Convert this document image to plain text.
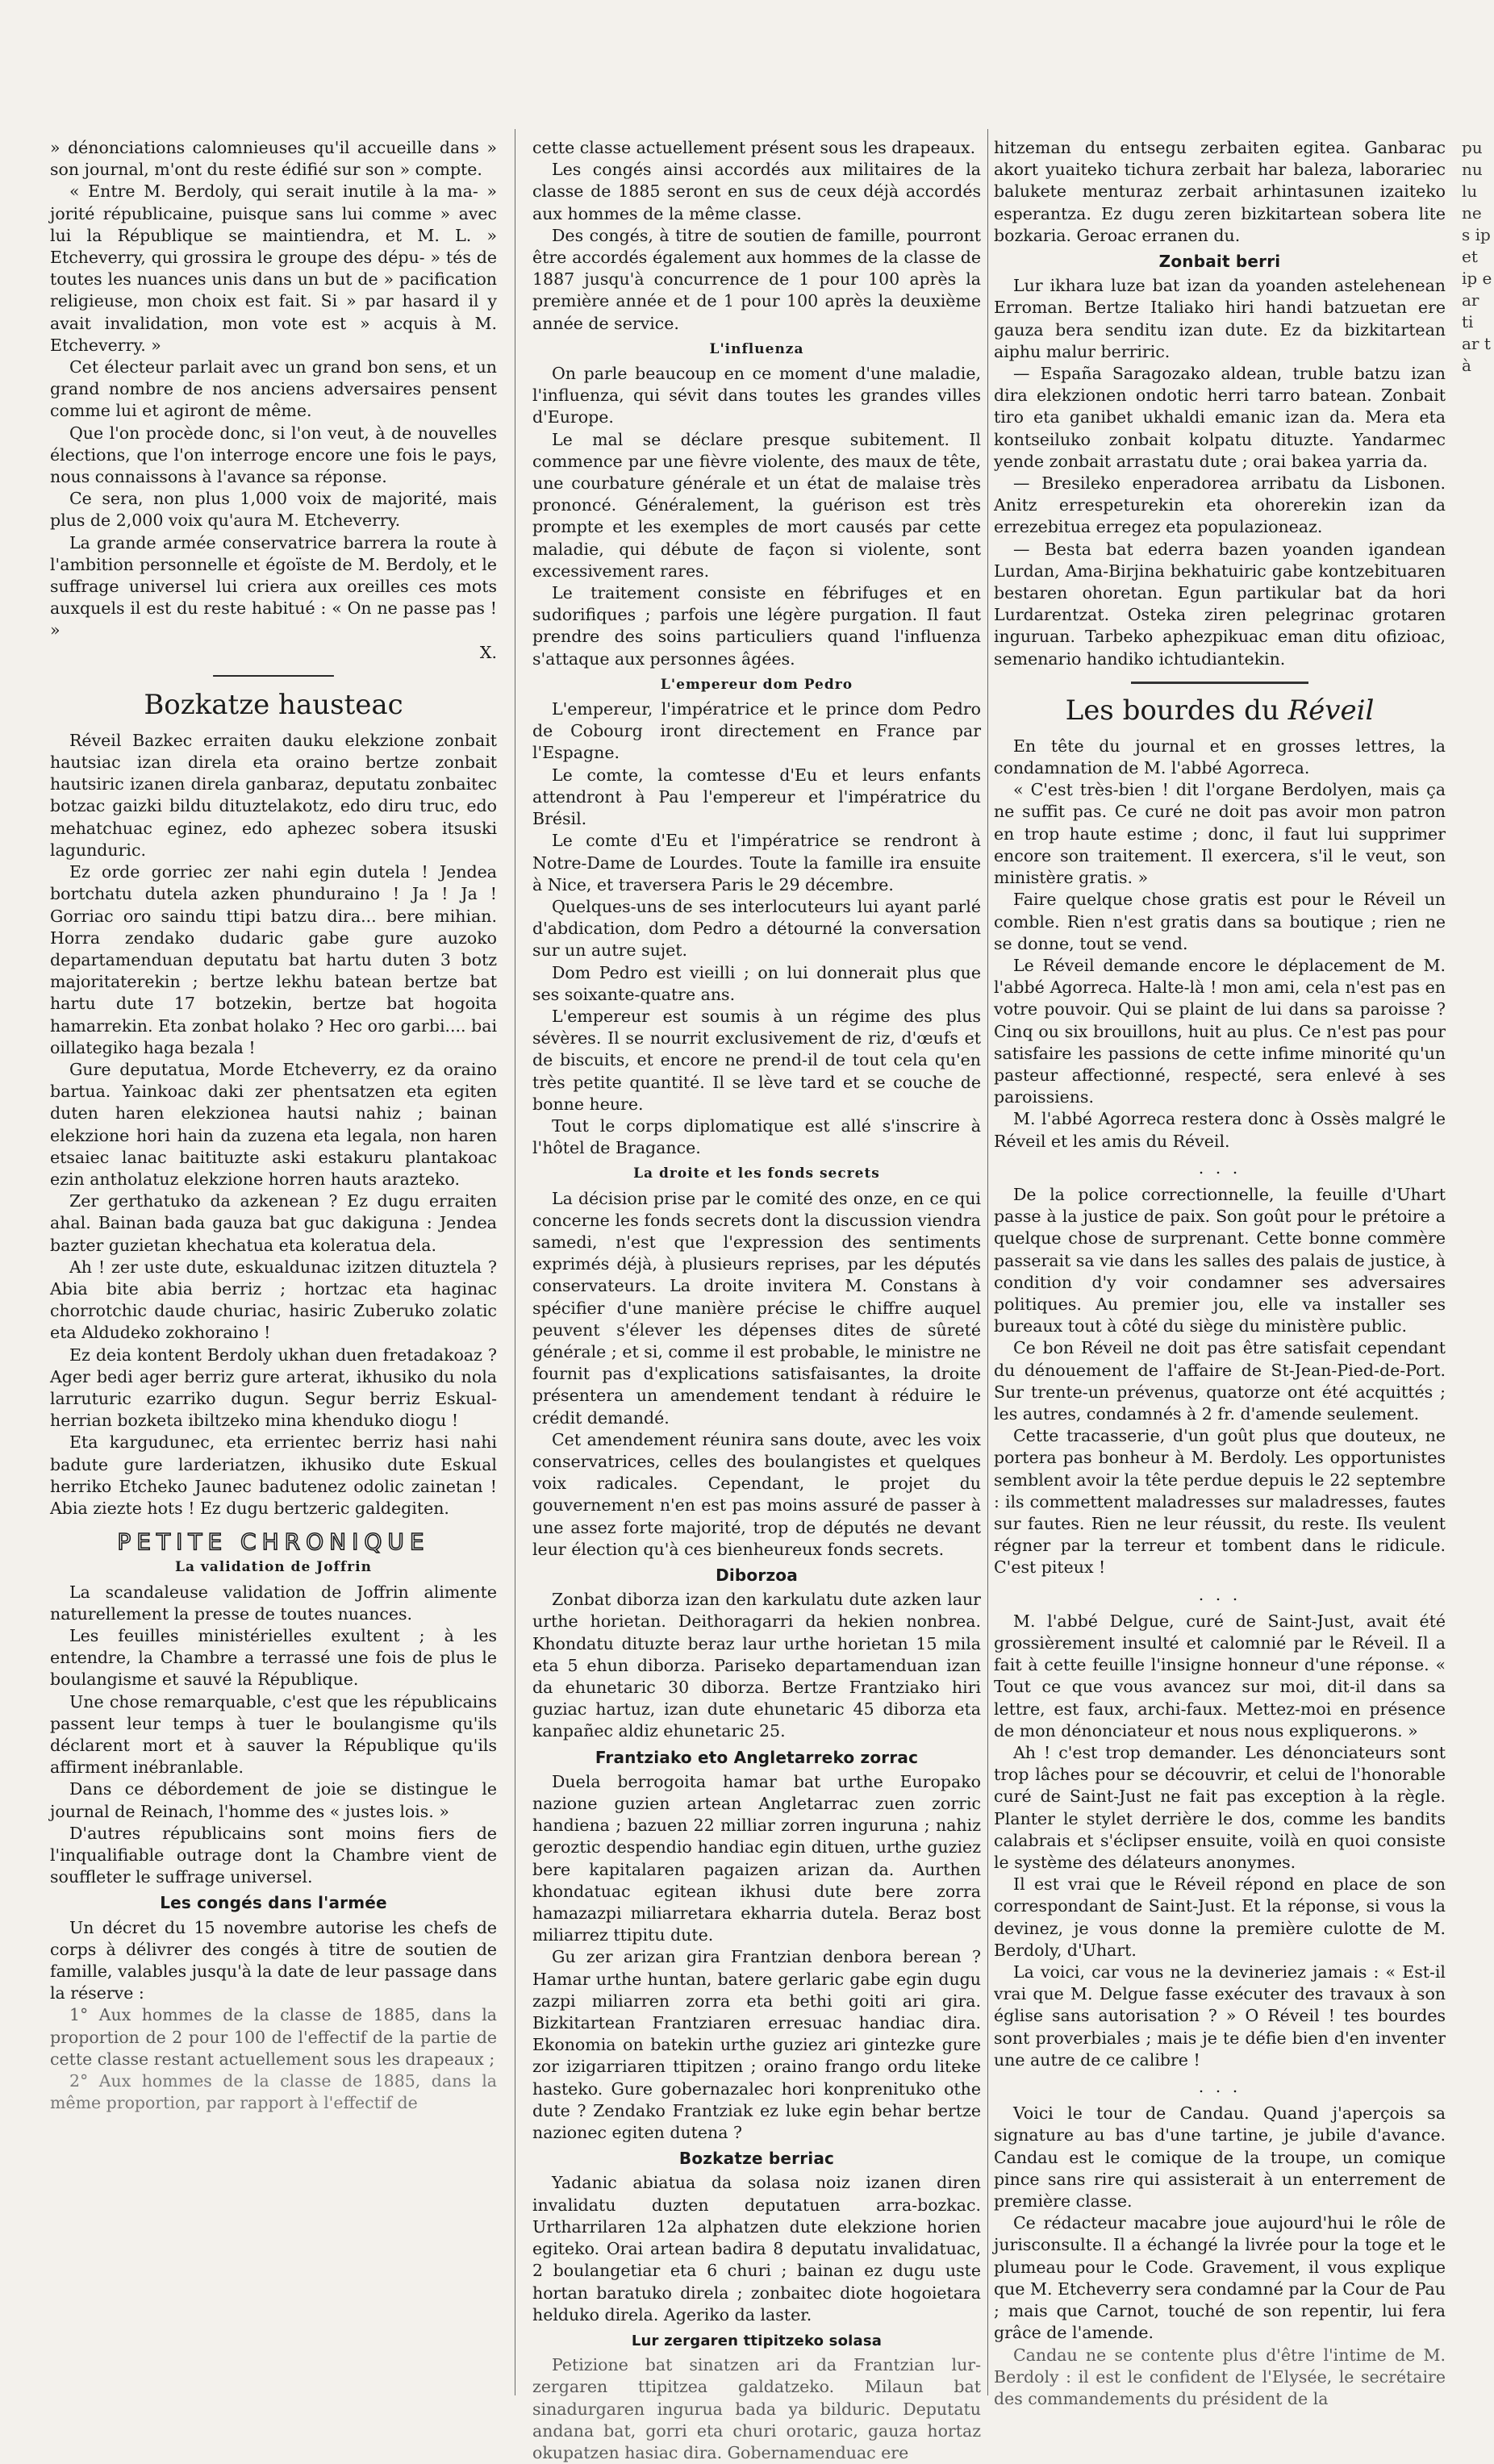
» dénonciations calomnieuses qu'il accueille dans » son journal, m'ont du reste édifié sur son » compte.

« Entre M. Berdoly, qui serait inutile à la ma- » jorité républicaine, puisque sans lui comme » avec lui la République se maintiendra, et M. L. » Etcheverry, qui grossira le groupe des dépu- » tés de toutes les nuances unis dans un but de » pacification religieuse, mon choix est fait. Si » par hasard il y avait invalidation, mon vote est » acquis à M. Etcheverry. »

Cet électeur parlait avec un grand bon sens, et un grand nombre de nos anciens adversaires pensent comme lui et agiront de même.

Que l'on procède donc, si l'on veut, à de nouvelles élections, que l'on interroge encore une fois le pays, nous connaissons à l'avance sa réponse.

Ce sera, non plus 1,000 voix de majorité, mais plus de 2,000 voix qu'aura M. Etcheverry.

La grande armée conservatrice barrera la route à l'ambition personnelle et égoïste de M. Berdoly, et le suffrage universel lui criera aux oreilles ces mots auxquels il est du reste habitué : « On ne passe pas ! »

X.
Bozkatze hausteac

Réveil Bazkec erraiten dauku elekzione zonbait hautsiac izan direla eta oraino bertze zonbait hautsiric izanen direla ganbaraz, deputatu zonbaitec botzac gaizki bildu dituztelakotz, edo diru truc, edo mehatchuac eginez, edo aphezec sobera itsuski lagunduric.

Ez orde gorriec zer nahi egin dutela ! Jendea bortchatu dutela azken phunduraino ! Ja ! Ja ! Gorriac oro saindu ttipi batzu dira... bere mihian. Horra zendako dudaric gabe gure auzoko departamenduan deputatu bat hartu duten 3 botz majoritaterekin ; bertze lekhu batean bertze bat hartu dute 17 botzekin, bertze bat hogoita hamarrekin. Eta zonbat holako ? Hec oro garbi.... bai oillategiko haga bezala !

Gure deputatua, Morde Etcheverry, ez da oraino bartua. Yainkoac daki zer phentsatzen eta egiten duten haren elekzionea hautsi nahiz ; bainan elekzione hori hain da zuzena eta legala, non haren etsaiec lanac baitituzte aski estakuru plantakoac ezin antholatuz elekzione horren hauts arazteko.

Zer gerthatuko da azkenean ? Ez dugu erraiten ahal. Bainan bada gauza bat guc dakiguna : Jendea bazter guzietan khechatua eta koleratua dela.

Ah ! zer uste dute, eskualdunac izitzen dituztela ? Abia bite abia berriz ; hortzac eta haginac chorrotchic daude churiac, hasiric Zuberuko zolatic eta Aldudeko zokhoraino !

Ez deia kontent Berdoly ukhan duen fretadakoaz ? Ager bedi ager berriz gure arterat, ikhusiko du nola larruturic ezarriko dugun. Segur berriz Eskual-herrian bozketa ibiltzeko mina khenduko diogu !

Eta kargudunec, eta errientec berriz hasi nahi badute gure larderiatzen, ikhusiko dute Eskual herriko Etcheko Jaunec badutenez odolic zainetan ! Abia ziezte hots ! Ez dugu bertzeric galdegiten.

PETITE CHRONIQUE
La validation de Joffrin

La scandaleuse validation de Joffrin alimente naturellement la presse de toutes nuances.

Les feuilles ministérielles exultent ; à les entendre, la Chambre a terrassé une fois de plus le boulangisme et sauvé la République.

Une chose remarquable, c'est que les républicains passent leur temps à tuer le boulangisme qu'ils déclarent mort et à sauver la République qu'ils affirment inébranlable.

Dans ce débordement de joie se distingue le journal de Reinach, l'homme des « justes lois. »

D'autres républicains sont moins fiers de l'inqualifiable outrage dont la Chambre vient de souffleter le suffrage universel.

Les congés dans l'armée

Un décret du 15 novembre autorise les chefs de corps à délivrer des congés à titre de soutien de famille, valables jusqu'à la date de leur passage dans la réserve :

1° Aux hommes de la classe de 1885, dans la proportion de 2 pour 100 de l'effectif de la partie de cette classe restant actuellement sous les drapeaux ;

2° Aux hommes de la classe de 1885, dans la même proportion, par rapport à l'effectif de

cette classe actuellement présent sous les drapeaux.

Les congés ainsi accordés aux militaires de la classe de 1885 seront en sus de ceux déjà accordés aux hommes de la même classe.

Des congés, à titre de soutien de famille, pourront être accordés également aux hommes de la classe de 1887 jusqu'à concurrence de 1 pour 100 après la première année et de 1 pour 100 après la deuxième année de service.

L'influenza

On parle beaucoup en ce moment d'une maladie, l'influenza, qui sévit dans toutes les grandes villes d'Europe.

Le mal se déclare presque subitement. Il commence par une fièvre violente, des maux de tête, une courbature générale et un état de malaise très prononcé. Généralement, la guérison est très prompte et les exemples de mort causés par cette maladie, qui débute de façon si violente, sont excessivement rares.

Le traitement consiste en fébrifuges et en sudorifiques ; parfois une légère purgation. Il faut prendre des soins particuliers quand l'influenza s'attaque aux personnes âgées.

L'empereur dom Pedro

L'empereur, l'impératrice et le prince dom Pedro de Cobourg iront directement en France par l'Espagne.

Le comte, la comtesse d'Eu et leurs enfants attendront à Pau l'empereur et l'impératrice du Brésil.

Le comte d'Eu et l'impératrice se rendront à Notre-Dame de Lourdes. Toute la famille ira ensuite à Nice, et traversera Paris le 29 décembre.

Quelques-uns de ses interlocuteurs lui ayant parlé d'abdication, dom Pedro a détourné la conversation sur un autre sujet.

Dom Pedro est vieilli ; on lui donnerait plus que ses soixante-quatre ans.

L'empereur est soumis à un régime des plus sévères. Il se nourrit exclusivement de riz, d'œufs et de biscuits, et encore ne prend-il de tout cela qu'en très petite quantité. Il se lève tard et se couche de bonne heure.

Tout le corps diplomatique est allé s'inscrire à l'hôtel de Bragance.

La droite et les fonds secrets

La décision prise par le comité des onze, en ce qui concerne les fonds secrets dont la discussion viendra samedi, n'est que l'expression des sentiments exprimés déjà, à plusieurs reprises, par les députés conservateurs. La droite invitera M. Constans à spécifier d'une manière précise le chiffre auquel peuvent s'élever les dépenses dites de sûreté générale ; et si, comme il est probable, le ministre ne fournit pas d'explications satisfaisantes, la droite présentera un amendement tendant à réduire le crédit demandé.

Cet amendement réunira sans doute, avec les voix conservatrices, celles des boulangistes et quelques voix radicales. Cependant, le projet du gouvernement n'en est pas moins assuré de passer à une assez forte majorité, trop de députés ne devant leur élection qu'à ces bienheureux fonds secrets.

Diborzoa

Zonbat diborza izan den karkulatu dute azken laur urthe horietan. Deithoragarri da hekien nonbrea. Khondatu dituzte beraz laur urthe horietan 15 mila eta 5 ehun diborza. Pariseko departamenduan izan da ehunetaric 30 diborza. Bertze Frantziako hiri guziac hartuz, izan dute ehunetaric 45 diborza eta kanpañec aldiz ehunetaric 25.

Frantziako eto Angletarreko zorrac

Duela berrogoita hamar bat urthe Europako nazione guzien artean Angletarrac zuen zorric handiena ; bazuen 22 milliar zorren inguruna ; nahiz geroztic despendio handiac egin dituen, urthe guziez bere kapitalaren pagaizen arizan da. Aurthen khondatuac egitean ikhusi dute bere zorra hamazazpi miliarretara ekharria dutela. Beraz bost miliarrez ttipitu dute.

Gu zer arizan gira Frantzian denbora berean ? Hamar urthe huntan, batere gerlaric gabe egin dugu zazpi miliarren zorra eta bethi goiti ari gira. Bizkitartean Frantziaren erresuac handiac dira. Ekonomia on batekin urthe guziez ari gintezke gure zor izigarriaren ttipitzen ; oraino frango ordu liteke hasteko. Gure gobernazalec hori konprenituko othe dute ? Zendako Frantziak ez luke egin behar bertze nazionec egiten dutena ?

Bozkatze berriac

Yadanic abiatua da solasa noiz izanen diren invalidatu duzten deputatuen arra-bozkac. Urtharrilaren 12a alphatzen dute elekzione horien egiteko. Orai artean badira 8 deputatu invalidatuac, 2 boulangetiar eta 6 churi ; bainan ez dugu uste hortan baratuko direla ; zonbaitec diote hogoietara helduko direla. Ageriko da laster.

Lur zergaren ttipitzeko solasa

Petizione bat sinatzen ari da Frantzian lur-zergaren ttipitzea galdatzeko. Milaun bat sinadurgaren ingurua bada ya bilduric. Deputatu andana bat, gorri eta churi orotaric, gauza hortaz okupatzen hasiac dira. Gobernamenduac ere

hitzeman du entsegu zerbaiten egitea. Ganbarac akort yuaiteko tichura zerbait har baleza, laborariec balukete menturaz zerbait arhintasunen izaiteko esperantza. Ez dugu zeren bizkitartean sobera lite bozkaria. Geroac erranen du.

Zonbait berri

Lur ikhara luze bat izan da yoanden astelehenean Erroman. Bertze Italiako hiri handi batzuetan ere gauza bera senditu izan dute. Ez da bizkitartean aiphu malur berriric.

— España Saragozako aldean, truble batzu izan dira elekzionen ondotic herri tarro batean. Zonbait tiro eta ganibet ukhaldi emanic izan da. Mera eta kontseiluko zonbait kolpatu dituzte. Yandarmec yende zonbait arrastatu dute ; orai bakea yarria da.

— Bresileko enperadorea arribatu da Lisbonen. Anitz errespeturekin eta ohorerekin izan da errezebitua erregez eta populazioneaz.

— Besta bat ederra bazen yoanden igandean Lurdan, Ama-Birjina bekhatuiric gabe kontzebituaren bestaren ohoretan. Egun partikular bat da hori Lurdarentzat. Osteka ziren pelegrinac grotaren inguruan. Tarbeko aphezpikuac eman ditu ofizioac, semenario handiko ichtudiantekin.

Les bourdes du Réveil

En tête du journal et en grosses lettres, la condamnation de M. l'abbé Agorreca.

« C'est très-bien ! dit l'organe Berdolyen, mais ça ne suffit pas. Ce curé ne doit pas avoir mon patron en trop haute estime ; donc, il faut lui supprimer encore son traitement. Il exercera, s'il le veut, son ministère gratis. »

Faire quelque chose gratis est pour le Réveil un comble. Rien n'est gratis dans sa boutique ; rien ne se donne, tout se vend.

Le Réveil demande encore le déplacement de M. l'abbé Agorreca. Halte-là ! mon ami, cela n'est pas en votre pouvoir. Qui se plaint de lui dans sa paroisse ? Cinq ou six brouillons, huit au plus. Ce n'est pas pour satisfaire les passions de cette infime minorité qu'un pasteur affectionné, respecté, sera enlevé à ses paroissiens.

M. l'abbé Agorreca restera donc à Ossès malgré le Réveil et les amis du Réveil.

. . .

De la police correctionnelle, la feuille d'Uhart passe à la justice de paix. Son goût pour le prétoire a quelque chose de surprenant. Cette bonne commère passerait sa vie dans les salles des palais de justice, à condition d'y voir condamner ses adversaires politiques. Au premier jou, elle va installer ses bureaux tout à côté du siège du ministère public.

Ce bon Réveil ne doit pas être satisfait cependant du dénouement de l'affaire de St-Jean-Pied-de-Port. Sur trente-un prévenus, quatorze ont été acquittés ; les autres, condamnés à 2 fr. d'amende seulement.

Cette tracasserie, d'un goût plus que douteux, ne portera pas bonheur à M. Berdoly. Les opportunistes semblent avoir la tête perdue depuis le 22 septembre : ils commettent maladresses sur maladresses, fautes sur fautes. Rien ne leur réussit, du reste. Ils veulent régner par la terreur et tombent dans le ridicule. C'est piteux !

. . .

M. l'abbé Delgue, curé de Saint-Just, avait été grossièrement insulté et calomnié par le Réveil. Il a fait à cette feuille l'insigne honneur d'une réponse. « Tout ce que vous avancez sur moi, dit-il dans sa lettre, est faux, archi-faux. Mettez-moi en présence de mon dénonciateur et nous nous expliquerons. »

Ah ! c'est trop demander. Les dénonciateurs sont trop lâches pour se découvrir, et celui de l'honorable curé de Saint-Just ne fait pas exception à la règle. Planter le stylet derrière le dos, comme les bandits calabrais et s'éclipser ensuite, voilà en quoi consiste le système des délateurs anonymes.

Il est vrai que le Réveil répond en place de son correspondant de Saint-Just. Et la réponse, si vous la devinez, je vous donne la première culotte de M. Berdoly, d'Uhart.

La voici, car vous ne la devineriez jamais : « Est-il vrai que M. Delgue fasse exécuter des travaux à son église sans autorisation ? » O Réveil ! tes bourdes sont proverbiales ; mais je te défie bien d'en inventer une autre de ce calibre !

. . .

Voici le tour de Candau. Quand j'aperçois sa signature au bas d'une tartine, je jubile d'avance. Candau est le comique de la troupe, un comique pince sans rire qui assisterait à un enterrement de première classe.

Ce rédacteur macabre joue aujourd'hui le rôle de jurisconsulte. Il a échangé la livrée pour la toge et le plumeau pour le Code. Gravement, il vous explique que M. Etcheverry sera condamné par la Cour de Pau ; mais que Carnot, touché de son repentir, lui fera grâce de l'amende.

Candau ne se contente plus d'être l'intime de M. Berdoly : il est le confident de l'Elysée, le secrétaire des commandements du président de la

pu nu lu ne s ip et ip e ar ti ar t à
